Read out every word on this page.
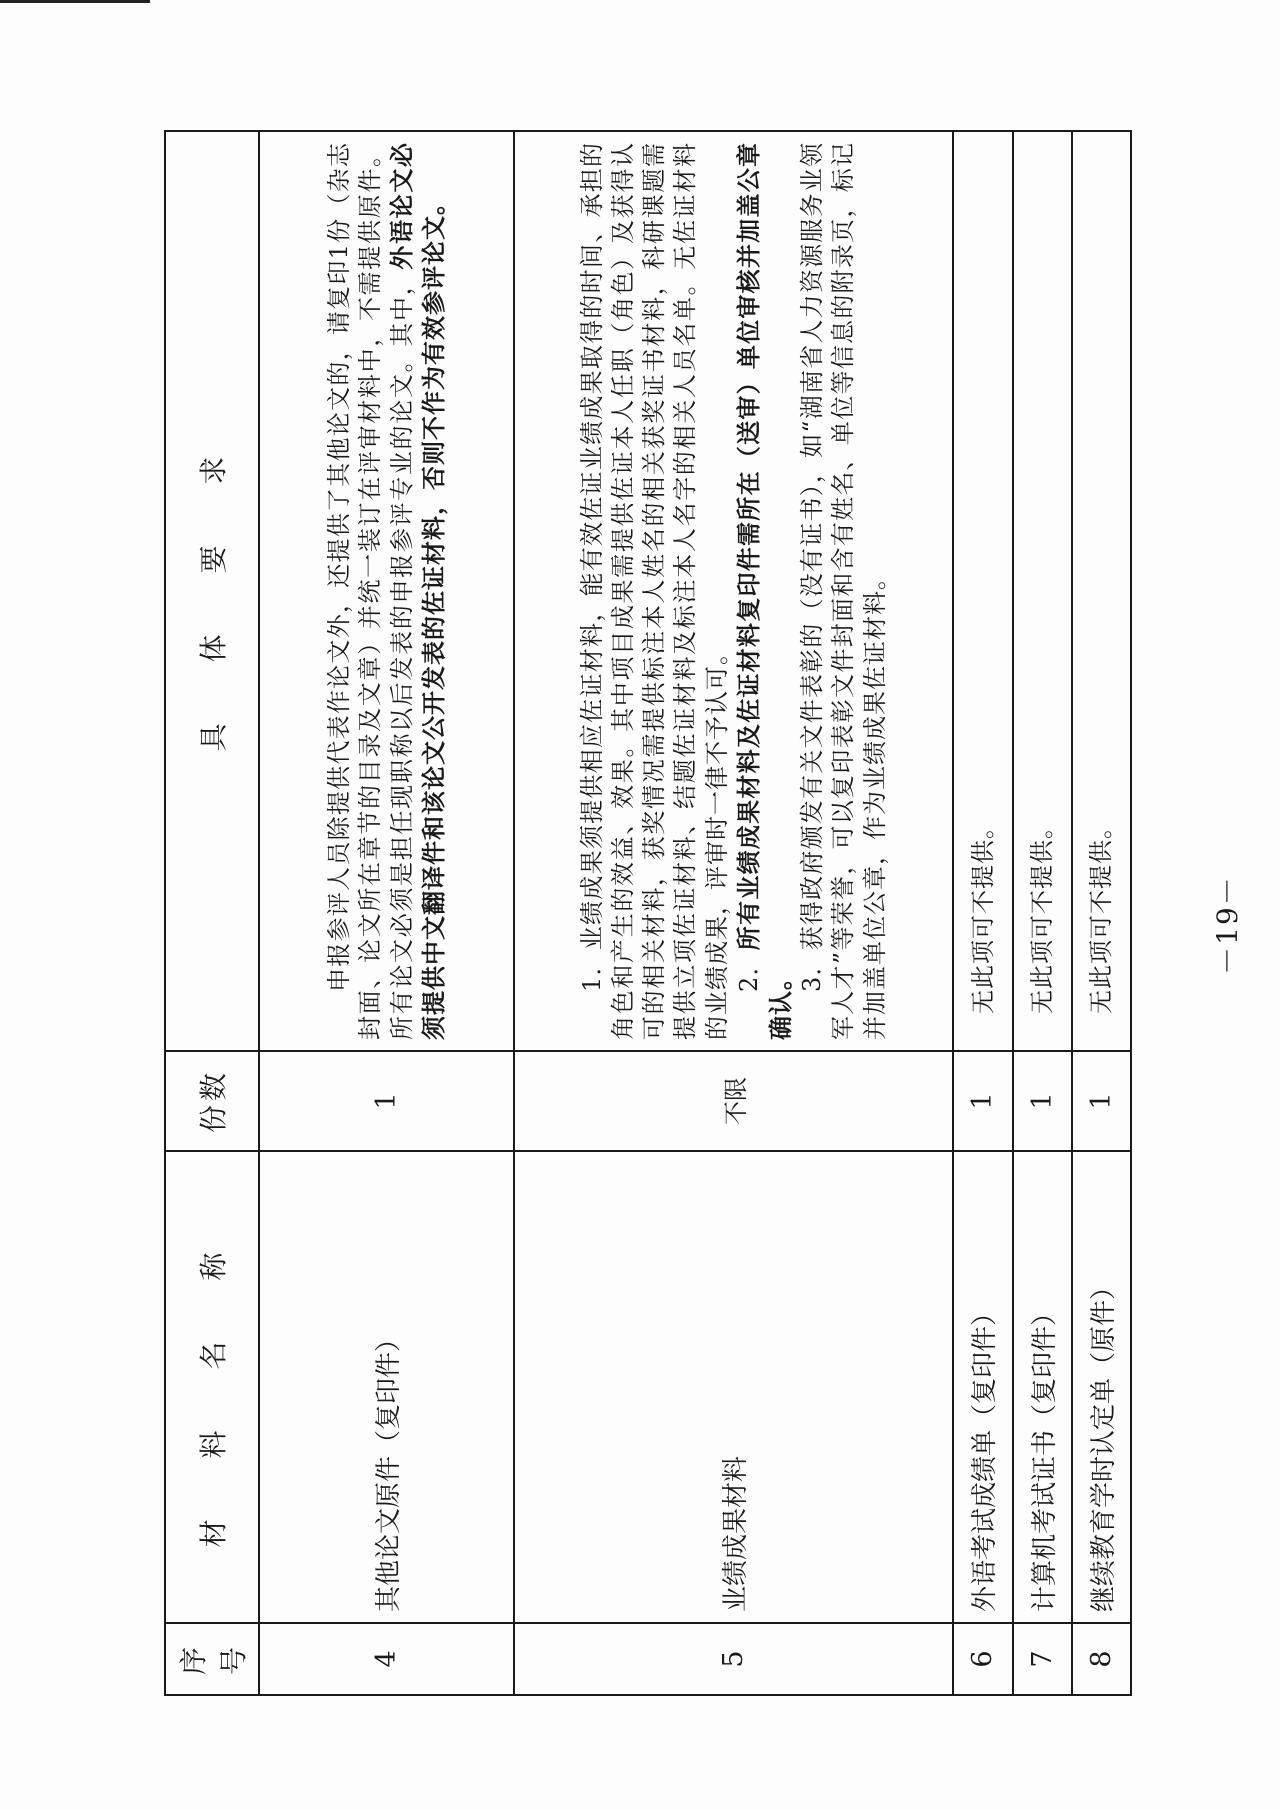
序号	材 料 名 称	份数	具 体 要 求
4	其他论文原件（复印件）	1	申报参评人员除提供代表作论文外，还提供了其他论文的，请复印1份（杂志封面、论文所在章节的目录及文章）并统一装订在评审材料中，不需提供原件。所有论文必须是担任现职称以后发表的申报参评专业的论文。其中，外语论文必须提供中文翻译件和该论文公开发表的佐证材料，否则不作为有效参评论文。

5	业绩成果材料	不限	1．业绩成果须提供相应佐证材料，能有效佐证业绩成果取得的时间、承担的角色和产生的效益、效果。其中项目成果需提供佐证本人任职（角色）及获得认可的相关材料，获奖情况需提供标注本人姓名的相关获奖证书材料，科研课题需提供立项佐证材料、结题佐证材料及标注本人名字的相关人员名单。无佐证材料的业绩成果，评审时一律不予认可。 2．所有业绩成果材料及佐证材料复印件需所在（送审）单位审核并加盖公章确认。

3．获得政府颁发有关文件表彰的（没有证书），如“湖南省人力资源服务业领军人才”等荣誉，可以复印表彰文件封面和含有姓名、单位等信息的附录页，标记并加盖单位公章，作为业绩成果佐证材料。

6	外语考试成绩单（复印件）	1	无此项可不提供。

7	计算机考试证书（复印件）	1	无此项可不提供。

8	继续教育学时认定单（原件）	1	无此项可不提供。	－19－
